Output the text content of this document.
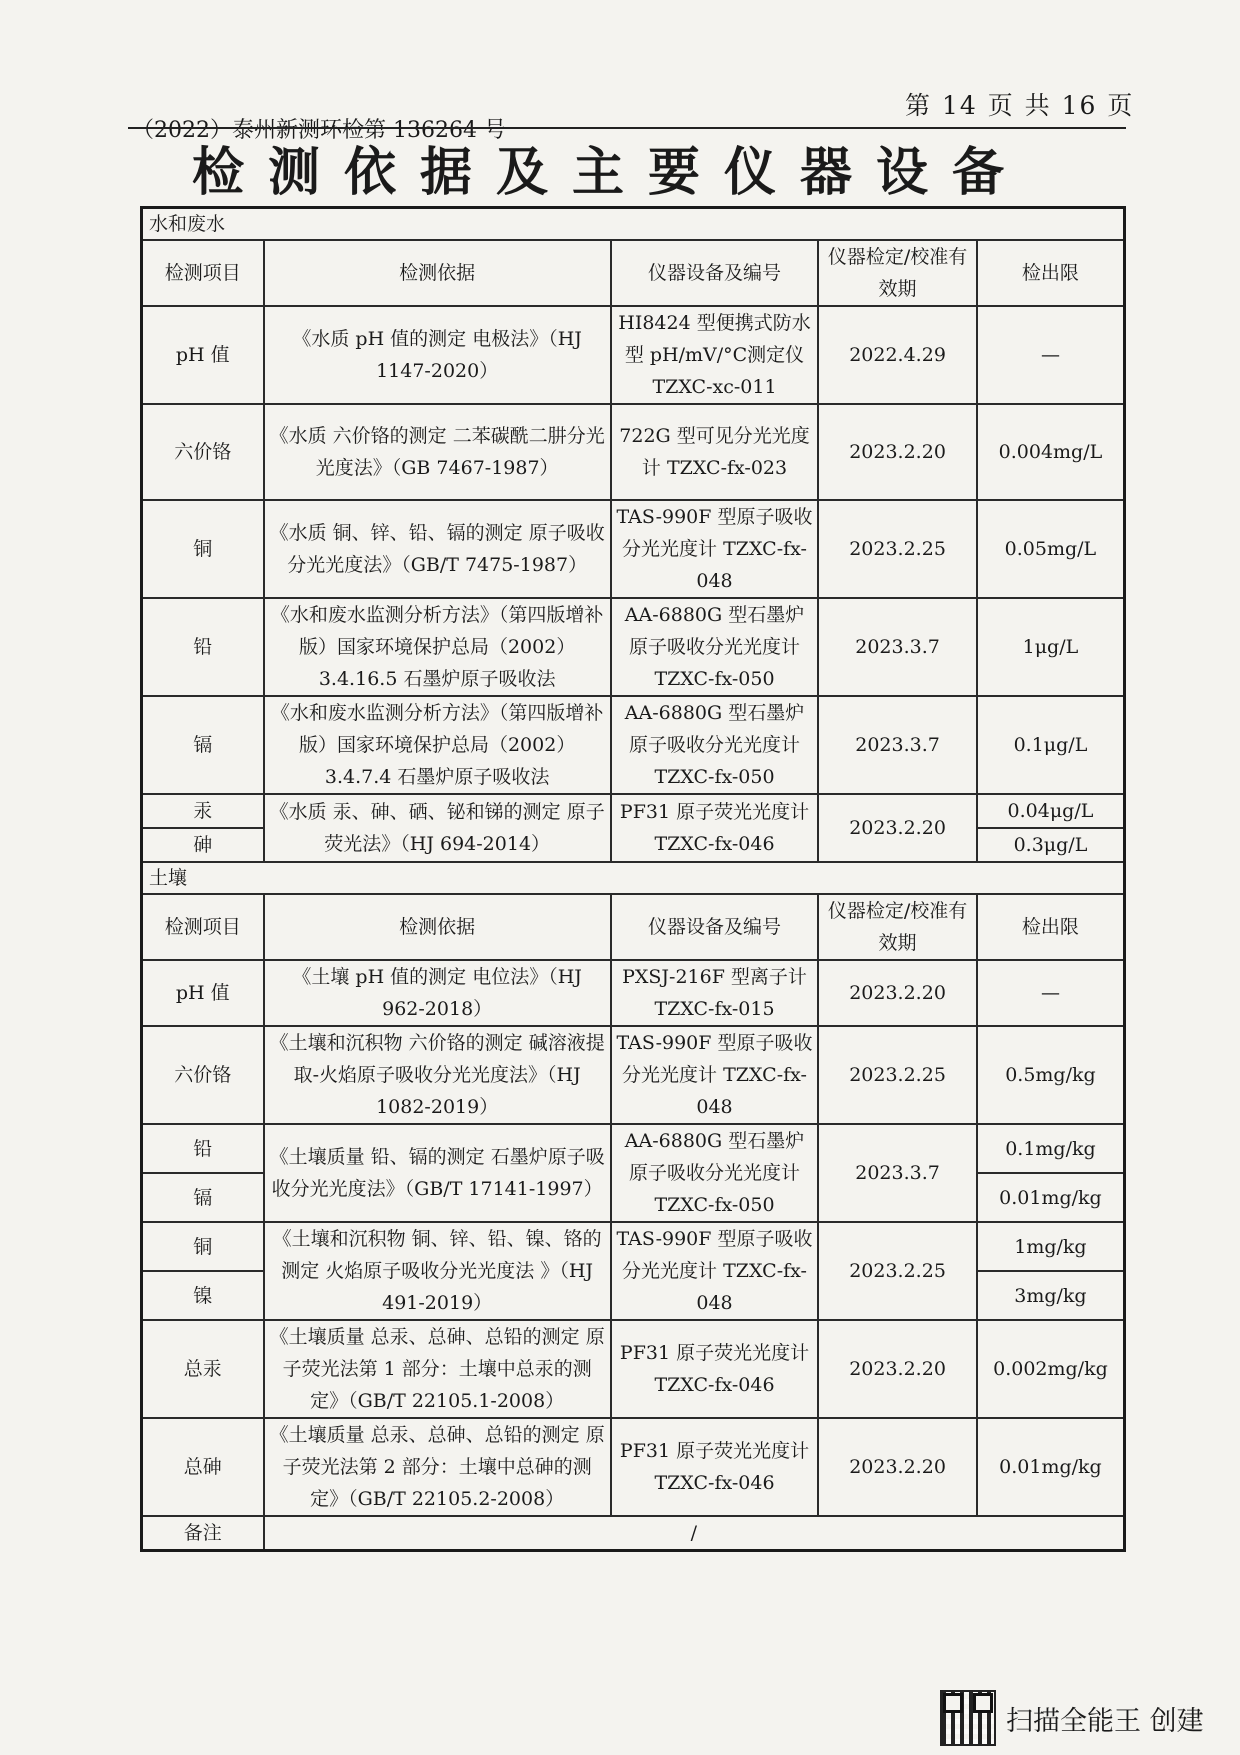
第 14 页 共 16 页
（2022）泰州新测环检第 136264 号
检测依据及主要仪器设备
水和废水				
检测项目	检测依据	仪器设备及编号	仪器检定/校准有效期	检出限
pH 值	《水质 pH 值的测定 电极法》（HJ 1147-2020）	HI8424 型便携式防水型 pH/mV/°C测定仪 TZXC-xc-011	2022.4.29	—
六价铬	《水质 六价铬的测定 二苯碳酰二肼分光光度法》（GB 7467-1987）	722G 型可见分光光度计 TZXC-fx-023	2023.2.20	0.004mg/L
铜	《水质 铜、锌、铅、镉的测定 原子吸收分光光度法》（GB/T 7475-1987）	TAS-990F 型原子吸收分光光度计 TZXC-fx-048	2023.2.25	0.05mg/L
铅	《水和废水监测分析方法》（第四版增补版）国家环境保护总局（2002）3.4.16.5 石墨炉原子吸收法	AA-6880G 型石墨炉原子吸收分光光度计 TZXC-fx-050	2023.3.7	1μg/L
镉	《水和废水监测分析方法》（第四版增补版）国家环境保护总局（2002）3.4.7.4 石墨炉原子吸收法	AA-6880G 型石墨炉原子吸收分光光度计 TZXC-fx-050	2023.3.7	0.1μg/L
汞	《水质 汞、砷、硒、铋和锑的测定 原子荧光法》（HJ 694-2014）	PF31 原子荧光光度计 TZXC-fx-046	2023.2.20	0.04μg/L
砷				0.3μg/L
土壤				
检测项目	检测依据	仪器设备及编号	仪器检定/校准有效期	检出限
pH 值	《土壤 pH 值的测定 电位法》（HJ 962-2018）	PXSJ-216F 型离子计 TZXC-fx-015	2023.2.20	—
六价铬	《土壤和沉积物 六价铬的测定 碱溶液提取-火焰原子吸收分光光度法》（HJ 1082-2019）	TAS-990F 型原子吸收分光光度计 TZXC-fx-048	2023.2.25	0.5mg/kg
铅	《土壤质量 铅、镉的测定 石墨炉原子吸收分光光度法》（GB/T 17141-1997）	AA-6880G 型石墨炉原子吸收分光光度计 TZXC-fx-050	2023.3.7	0.1mg/kg
镉				0.01mg/kg
铜	《土壤和沉积物 铜、锌、铅、镍、铬的测定 火焰原子吸收分光光度法 》（HJ 491-2019）	TAS-990F 型原子吸收分光光度计 TZXC-fx-048	2023.2.25	1mg/kg
镍				3mg/kg
总汞	《土壤质量 总汞、总砷、总铅的测定 原子荧光法第 1 部分：土壤中总汞的测定》（GB/T 22105.1-2008）	PF31 原子荧光光度计 TZXC-fx-046	2023.2.20	0.002mg/kg
总砷	《土壤质量 总汞、总砷、总铅的测定 原子荧光法第 2 部分：土壤中总砷的测定》（GB/T 22105.2-2008）	PF31 原子荧光光度计 TZXC-fx-046	2023.2.20	0.01mg/kg
备注	/			
扫描全能王 创建
